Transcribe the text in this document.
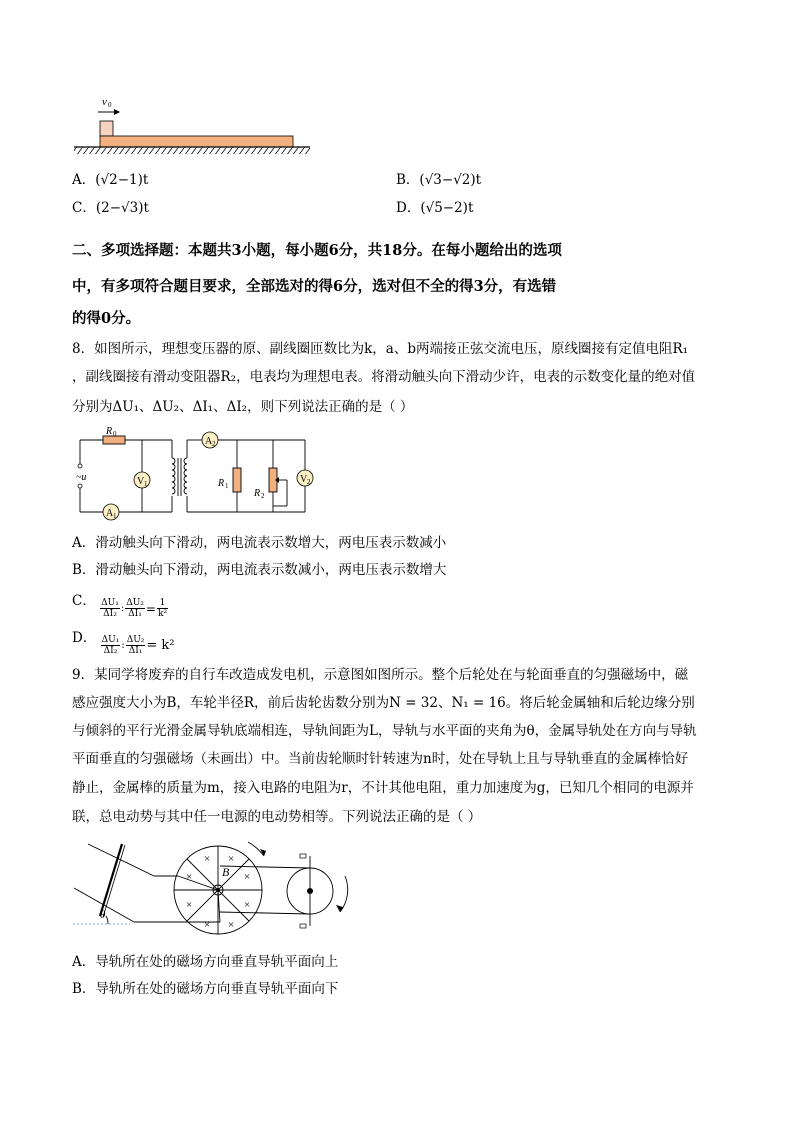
v 0
A．(√2−1)t	B．(√3−√2)t
C．(2−√3)t	D．(√5−2)t
二、多项选择题：本题共3小题，每小题6分，共18分。在每小题给出的选项
中，有多项符合题目要求，全部选对的得6分，选对但不全的得3分，有选错
的得0分。
8．如图所示，理想变压器的原、副线圈匝数比为k，a、b两端接正弦交流电压，原线圈接有定值电阻R₁
，副线圈接有滑动变阻器R₂，电表均为理想电表。将滑动触头向下滑动少许，电表的示数变化量的绝对值
分别为ΔU₁、ΔU₂、ΔI₁、ΔI₂，则下列说法正确的是（ ）
~u
R 0
V 1
A 1
A 2
V 2
R 1
R 2
A．滑动触头向下滑动，两电流表示数增大，两电压表示数减小
B．滑动触头向下滑动，两电流表示数减小，两电压表示数增大
C． $\frac{\text{ΔU₁}}{\text{ΔI₂}}$ : $\frac{\text{ΔU₂}}{\text{ΔI₁}} = \frac{1}{\text{k²}}$
D． $\frac{\text{ΔU₁}}{\text{ΔI₂}}$ : $\frac{\text{ΔU₂}}{\text{ΔI₁}} = k^2$
9．某同学将废弃的自行车改造成发电机，示意图如图所示。整个后轮处在与轮面垂直的匀强磁场中，磁
感应强度大小为B，车轮半径R，前后齿轮齿数分别为N = 32、N₁ = 16。将后轮金属轴和后轮边缘分别
与倾斜的平行光滑金属导轨底端相连，导轨间距为L，导轨与水平面的夹角为θ，金属导轨处在方向与导轨
平面垂直的匀强磁场（未画出）中。当前齿轮顺时针转速为n时，处在导轨上且与导轨垂直的金属棒恰好
静止，金属棒的质量为m，接入电路的电阻为r，不计其他电阻，重力加速度为g，已知几个相同的电源并
联，总电动势与其中任一电源的电动势相等。下列说法正确的是（ ）
B
θ
× ×
×	×
×	×
× ×
A．导轨所在处的磁场方向垂直导轨平面向上
B．导轨所在处的磁场方向垂直导轨平面向下
